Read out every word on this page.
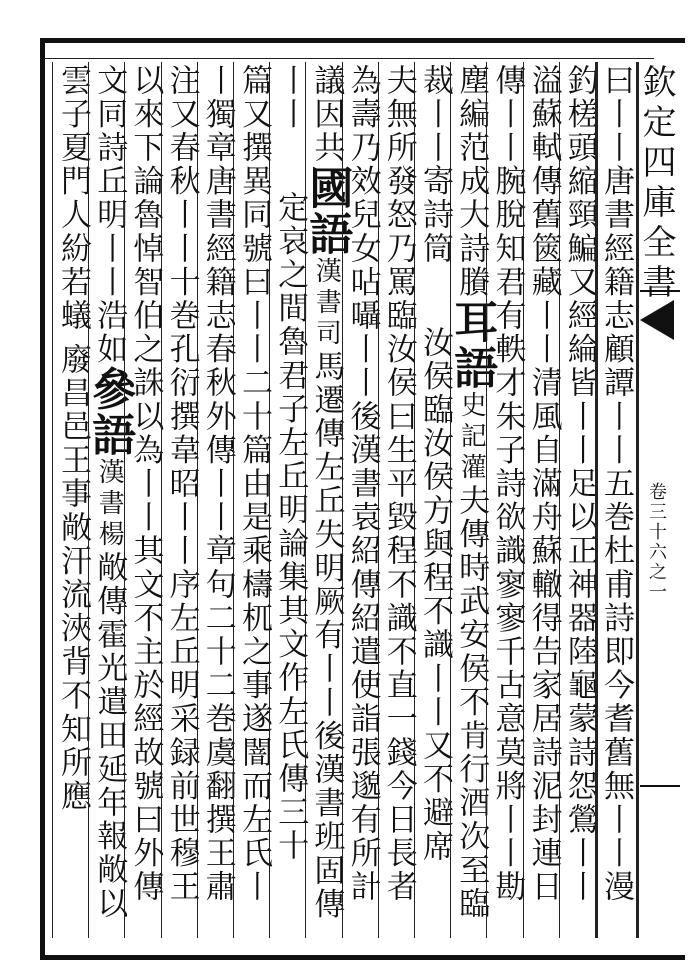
欽定四庫全書
卷三十六之一
曰丨丨唐書經籍志顧譚丨丨五巻杜甫詩即今耆舊無丨丨漫
釣槎頭縮頸鯿又經綸皆丨丨足以正神器陸龜蒙詩怨鶯丨丨
溢蘇軾傳舊篋藏丨丨清風自滿舟蘇轍得告家居詩泥封連日
傳丨丨腕脫知君有軼才朱子詩欲識寥寥千古意莫將丨丨勘
塵編范成大詩賸
耳語
史記灌
夫傳時武安侯不肯行酒次至臨
裁丨丨寄詩筒
汝侯臨汝侯方與程不識丨丨又不避席
夫無所發怒乃罵臨汝侯曰生平毀程不識不直一錢今日長者
為壽乃效兒女呫囁丨丨後漢書袁紹傳紹遣使詣張邈有所計
議因共
國語
漢書司
馬遷傳左丘失明厥有丨丨後漢書班固傳
丨丨
定哀之間魯君子左丘明論集其文作左氏傳三十
篇又撰異同號曰丨丨二十篇由是乘檮杌之事遂闇而左氏丨
丨獨章唐書經籍志春秋外傳丨丨章句二十二巻虞翻撰王肅
注又春秋丨丨十巻孔衍撰韋昭丨丨序左丘明采録前世穆王
以來下論魯悼智伯之誅以為丨丨其文不主於經故號曰外傳
文同詩丘明丨丨浩如
參語
漢書楊
敞傳霍光遣田延年報敞以
雲子夏門人紛若蟻
廢昌邑王事敞汗流浹背不知所應
